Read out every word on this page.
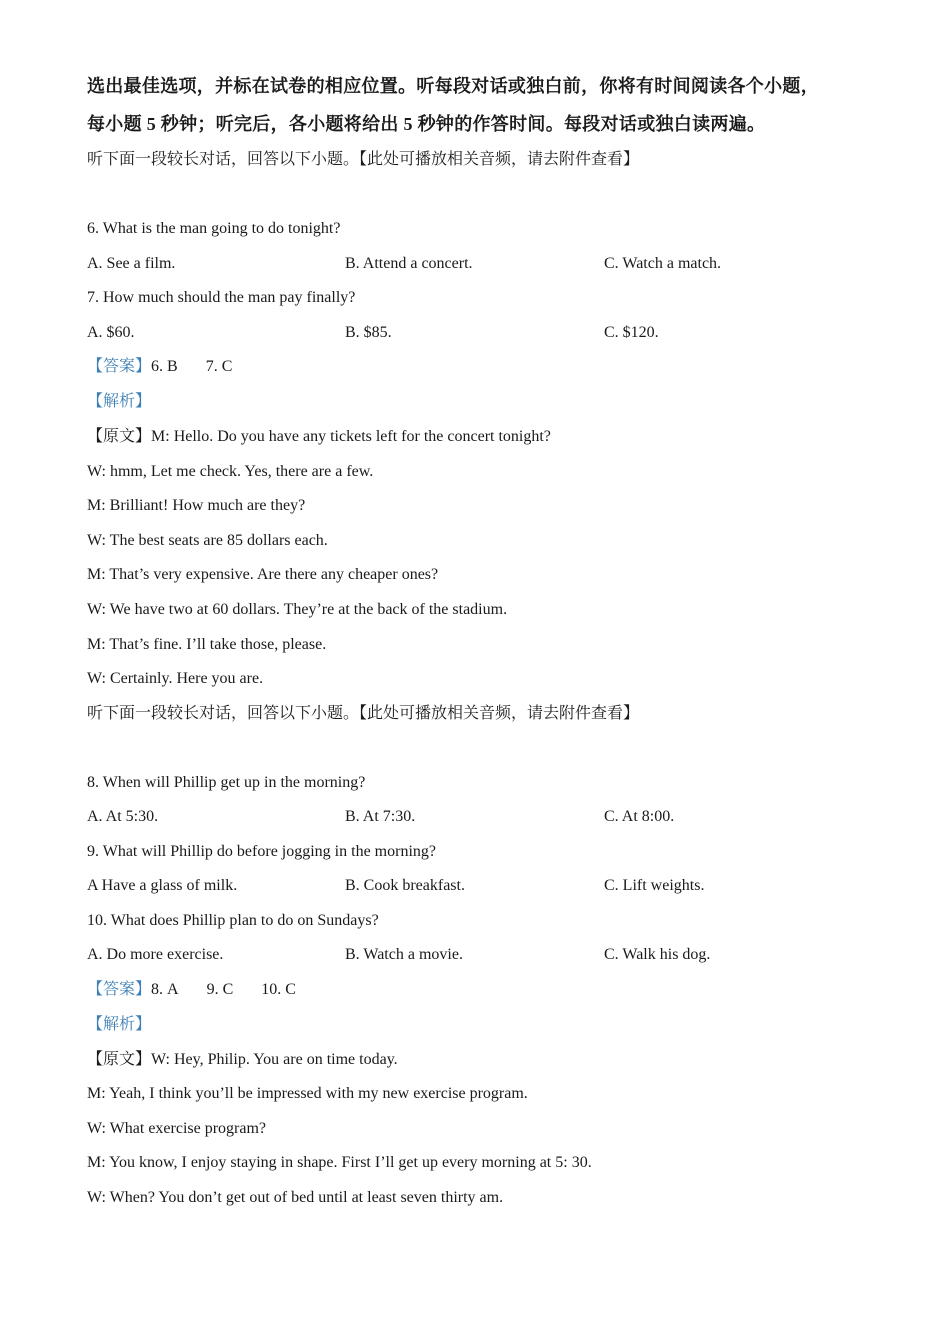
选出最佳选项，并标在试卷的相应位置。听每段对话或独白前，你将有时间阅读各个小题，
每小题 5 秒钟；听完后，各小题将给出 5 秒钟的作答时间。每段对话或独白读两遍。
听下面一段较长对话，回答以下小题。【此处可播放相关音频，请去附件查看】
6. What is the man going to do tonight?
A. See a film.	B. Attend a concert.	C. Watch a match.
7. How much should the man pay finally?
A. $60.	B. $85.	C. $120.
【答案】6. B 7. C
【解析】
【原文】M: Hello. Do you have any tickets left for the concert tonight?
W: hmm, Let me check. Yes, there are a few.
M: Brilliant! How much are they?
W: The best seats are 85 dollars each.
M: That’s very expensive. Are there any cheaper ones?
W: We have two at 60 dollars. They’re at the back of the stadium.
M: That’s fine. I’ll take those, please.
W: Certainly. Here you are.
听下面一段较长对话，回答以下小题。【此处可播放相关音频，请去附件查看】
8. When will Phillip get up in the morning?
A. At 5:30.	B. At 7:30.	C. At 8:00.
9. What will Phillip do before jogging in the morning?
A Have a glass of milk.	B. Cook breakfast.	C. Lift weights.
10. What does Phillip plan to do on Sundays?
A. Do more exercise.	B. Watch a movie.	C. Walk his dog.
【答案】8. A 9. C 10. C
【解析】
【原文】W: Hey, Philip. You are on time today.
M: Yeah, I think you’ll be impressed with my new exercise program.
W: What exercise program?
M: You know, I enjoy staying in shape. First I’ll get up every morning at 5: 30.
W: When? You don’t get out of bed until at least seven thirty am.
